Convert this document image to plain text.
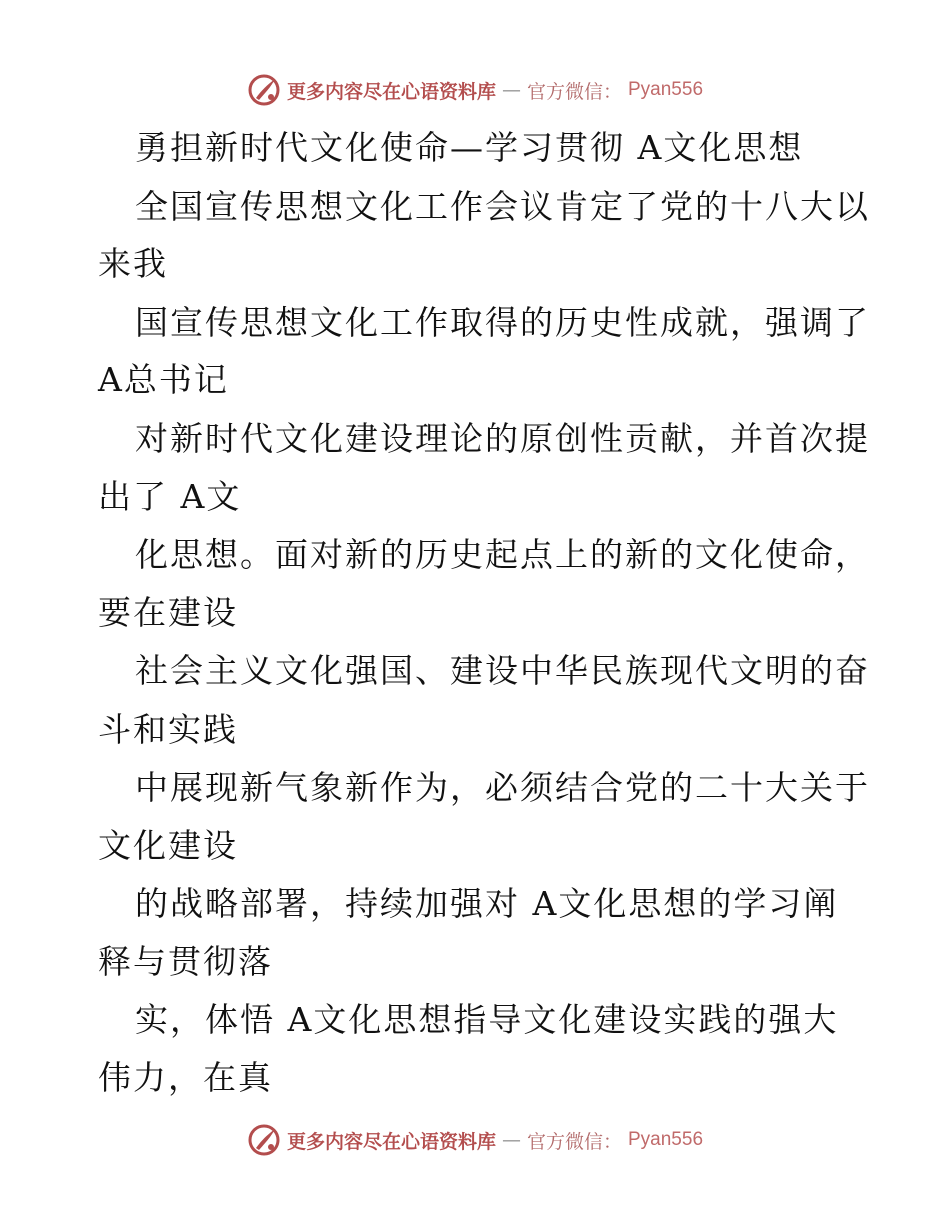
更多内容尽在心语资料库 — 官方微信： Pyan556
勇担新时代文化使命—学习贯彻 A文化思想
全国宣传思想文化工作会议肯定了党的十八大以
来我
国宣传思想文化工作取得的历史性成就，强调了
A总书记
对新时代文化建设理论的原创性贡献，并首次提
出了 A文
化思想。面对新的历史起点上的新的文化使命，
要在建设
社会主义文化强国、建设中华民族现代文明的奋
斗和实践
中展现新气象新作为，必须结合党的二十大关于
文化建设
的战略部署，持续加强对 A文化思想的学习阐
释与贯彻落
实，体悟 A文化思想指导文化建设实践的强大
伟力，在真
更多内容尽在心语资料库 — 官方微信： Pyan556
